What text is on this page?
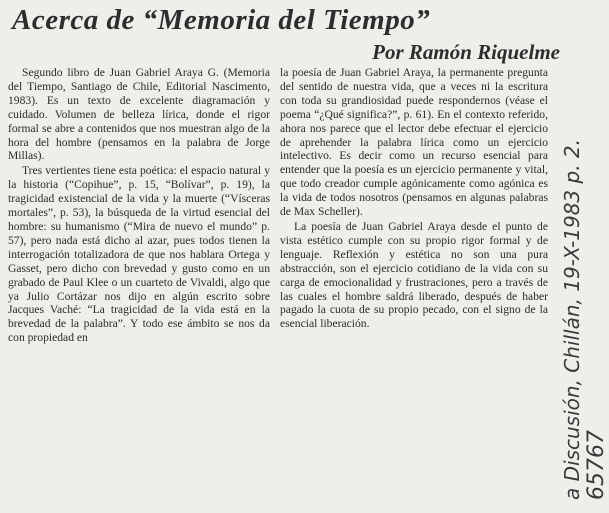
Acerca de “Memoria del Tiempo”
Por Ramón Riquelme

Segundo libro de Juan Gabriel Araya G. (Memoria del Tiempo, Santiago de Chile, Editorial Nascimento, 1983). Es un texto de excelente diagramación y cuidado. Volumen de belleza lírica, donde el rigor formal se abre a contenidos que nos muestran algo de la hora del hombre (pensamos en la palabra de Jorge Millas).

Tres vertientes tiene esta poética: el espacio natural y la historia (“Copihue”, p. 15, “Bolívar”, p. 19), la tragicidad existencial de la vida y la muerte (“Vísceras mortales”, p. 53), la búsqueda de la virtud esencial del hombre: su humanismo (“Mira de nuevo el mundo” p. 57), pero nada está dicho al azar, pues todos tienen la interrogación totalizadora de que nos hablara Ortega y Gasset, pero dicho con brevedad y gusto como en un grabado de Paul Klee o un cuarteto de Vivaldi, algo que ya Julio Cortázar nos dijo en algún escrito sobre Jacques Vaché: “La tragicidad de la vida está en la brevedad de la palabra”. Y todo ese ámbito se nos da con propiedad en

la poesía de Juan Gabriel Araya, la permanente pregunta del sentido de nuestra vida, que a veces ni la escritura con toda su grandiosidad puede respondernos (véase el poema “¿Qué significa?”, p. 61). En el contexto referido, ahora nos parece que el lector debe efectuar el ejercicio de aprehender la palabra lírica como un ejercicio intelectivo. Es decir como un recurso esencial para entender que la poesía es un ejercicio permanente y vital, que todo creador cumple agónicamente como agónica es la vida de todos nosotros (pensamos en algunas palabras de Max Scheller).

La poesía de Juan Gabriel Araya desde el punto de vista estético cumple con su propio rigor formal y de lenguaje. Reflexión y estética no son una pura abstracción, son el ejercicio cotidiano de la vida con su carga de emocionalidad y frustraciones, pero a través de las cuales el hombre saldrá liberado, después de haber pagado la cuota de su propio pecado, con el signo de la esencial liberación.	a Discusión, Chillán, 19-X-1983 p. 2. 65767
